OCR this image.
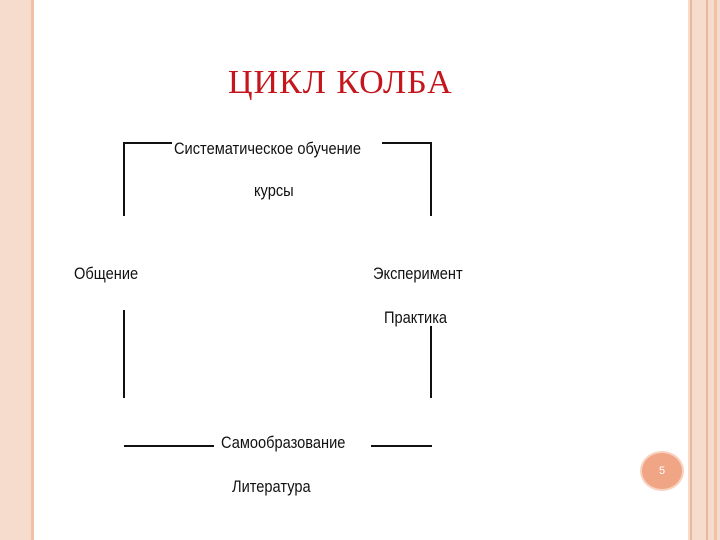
ЦИКЛ КОЛБА
Систематическое обучение
курсы
Общение	Эксперимент
Практика
Самообразование
Литература
5
